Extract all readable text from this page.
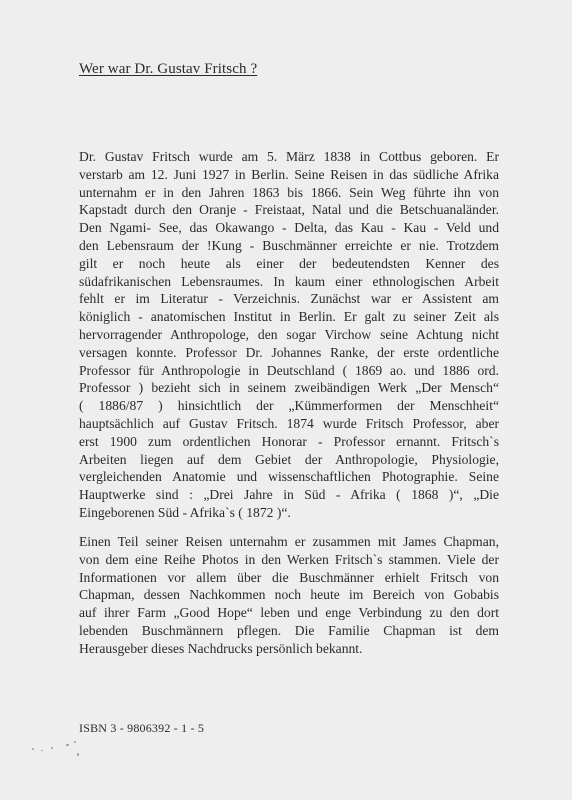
Wer war Dr. Gustav Fritsch ?
Dr. Gustav Fritsch wurde am 5. März 1838 in Cottbus geboren. Er
verstarb am 12. Juni 1927 in Berlin. Seine Reisen in das südliche Afrika
unternahm er in den Jahren 1863 bis 1866. Sein Weg führte ihn von
Kapstadt durch den Oranje - Freistaat, Natal und die Betschuanaländer.
Den Ngami- See, das Okawango - Delta, das Kau - Kau - Veld und
den Lebensraum der !Kung - Buschmänner erreichte er nie. Trotzdem
gilt er noch heute als einer der bedeutendsten Kenner des
südafrikanischen Lebensraumes. In kaum einer ethnologischen Arbeit
fehlt er im Literatur - Verzeichnis. Zunächst war er Assistent am
königlich - anatomischen Institut in Berlin. Er galt zu seiner Zeit als
hervorragender Anthropologe, den sogar Virchow seine Achtung nicht
versagen konnte. Professor Dr. Johannes Ranke, der erste ordentliche
Professor für Anthropologie in Deutschland ( 1869 ao. und 1886 ord.
Professor ) bezieht sich in seinem zweibändigen Werk „Der Mensch“
( 1886/87 ) hinsichtlich der „Kümmerformen der Menschheit“
hauptsächlich auf Gustav Fritsch. 1874 wurde Fritsch Professor, aber
erst 1900 zum ordentlichen Honorar - Professor ernannt. Fritsch`s
Arbeiten liegen auf dem Gebiet der Anthropologie, Physiologie,
vergleichenden Anatomie und wissenschaftlichen Photographie. Seine
Hauptwerke sind : „Drei Jahre in Süd - Afrika ( 1868 )“, „Die
Eingeborenen Süd - Afrika`s ( 1872 )“.
Einen Teil seiner Reisen unternahm er zusammen mit James Chapman,
von dem eine Reihe Photos in den Werken Fritsch`s stammen. Viele der
Informationen vor allem über die Buschmänner erhielt Fritsch von
Chapman, dessen Nachkommen noch heute im Bereich von Gobabis
auf ihrer Farm „Good Hope“ leben und enge Verbindung zu den dort
lebenden Buschmännern pflegen. Die Familie Chapman ist dem
Herausgeber dieses Nachdrucks persönlich bekannt.
ISBN 3 - 9806392 - 1 - 5
